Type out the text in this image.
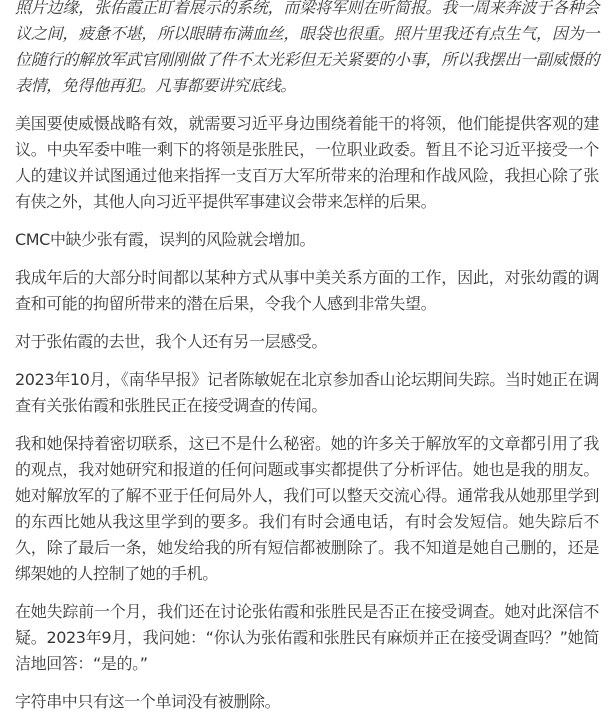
照片边缘，张佑霞正盯着展示的系统，而梁将军则在听简报。我一周来奔波于各种会议之间，疲惫不堪，所以眼睛布满血丝，眼袋也很重。照片里我还有点生气，因为一位随行的解放军武官刚刚做了件不太光彩但无关紧要的小事，所以我摆出一副威慑的表情，免得他再犯。凡事都要讲究底线。

美国要使威慑战略有效，就需要习近平身边围绕着能干的将领，他们能提供客观的建议。中央军委中唯一剩下的将领是张胜民，一位职业政委。暂且不论习近平接受一个人的建议并试图通过他来指挥一支百万大军所带来的治理和作战风险，我担心除了张有侠之外，其他人向习近平提供军事建议会带来怎样的后果。

CMC中缺少张有霞，误判的风险就会增加。

我成年后的大部分时间都以某种方式从事中美关系方面的工作，因此，对张幼霞的调查和可能的拘留所带来的潜在后果，令我个人感到非常失望。

对于张佑霞的去世，我个人还有另一层感受。

2023年10月，《南华早报》记者陈敏妮在北京参加香山论坛期间失踪。当时她正在调查有关张佑霞和张胜民正在接受调查的传闻。

我和她保持着密切联系，这已不是什么秘密。她的许多关于解放军的文章都引用了我的观点，我对她研究和报道的任何问题或事实都提供了分析评估。她也是我的朋友。她对解放军的了解不亚于任何局外人，我们可以整天交流心得。通常我从她那里学到的东西比她从我这里学到的要多。我们有时会通电话，有时会发短信。她失踪后不久，除了最后一条，她发给我的所有短信都被删除了。我不知道是她自己删的，还是绑架她的人控制了她的手机。

在她失踪前一个月，我们还在讨论张佑霞和张胜民是否正在接受调查。她对此深信不疑。2023年9月，我问她：“你认为张佑霞和张胜民有麻烦并正在接受调查吗？”她简洁地回答：“是的。”

字符串中只有这一个单词没有被删除。
